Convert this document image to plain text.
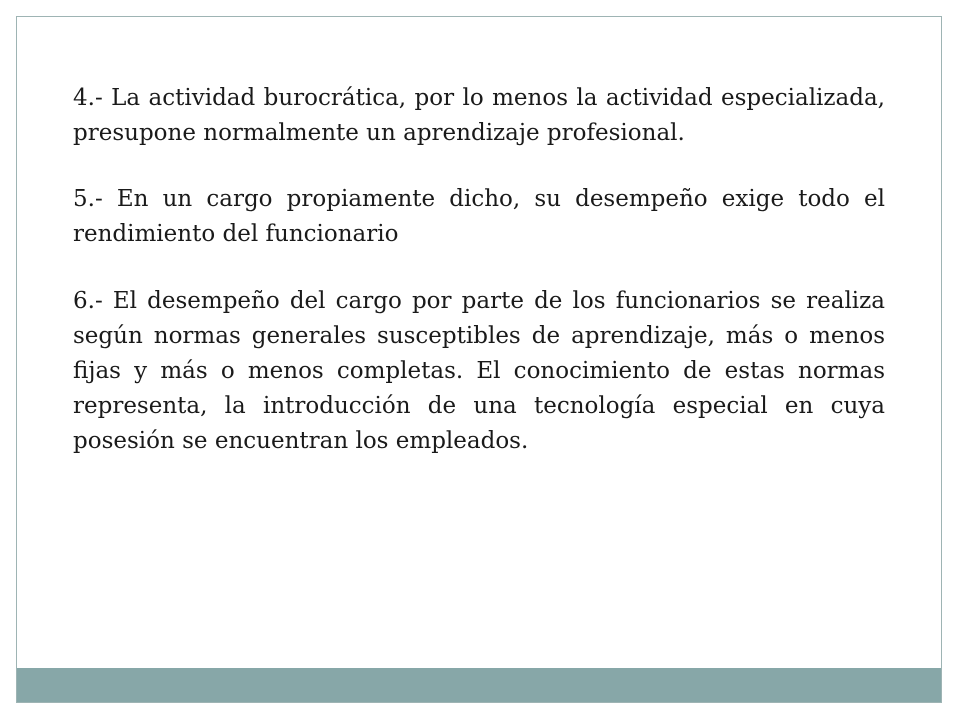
4.- La actividad burocrática, por lo menos la actividad especializada, presupone normalmente un aprendizaje profesional.

5.- En un cargo propiamente dicho, su desempeño exige todo el rendimiento del funcionario

6.- El desempeño del cargo por parte de los funcionarios se realiza según normas generales susceptibles de aprendizaje, más o menos fijas y más o menos completas. El conocimiento de estas normas representa, la introducción de una tecnología especial en cuya posesión se encuentran los empleados.
